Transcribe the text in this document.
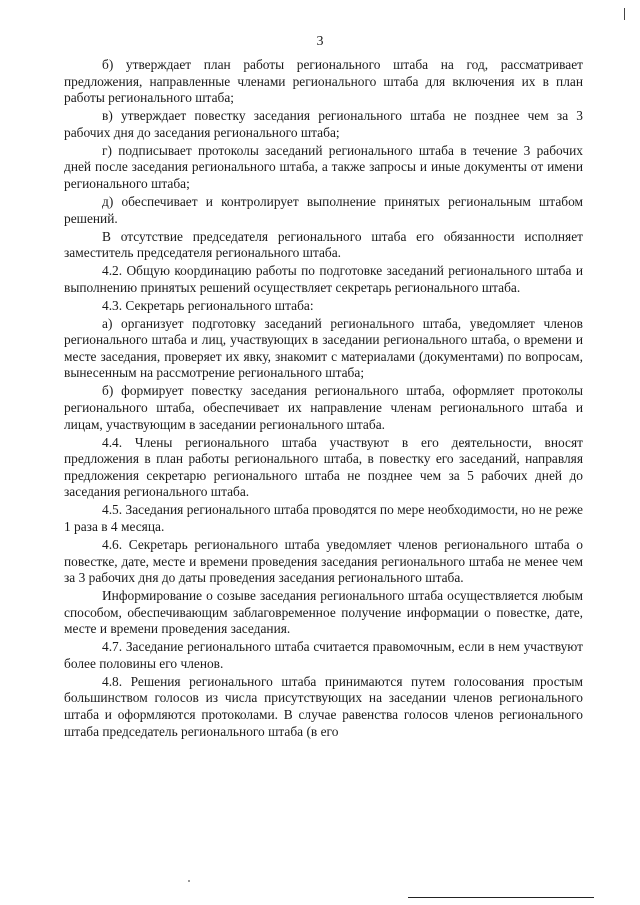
3

б) утверждает план работы регионального штаба на год, рассматривает предложения, направленные членами регионального штаба для включения их в план работы регионального штаба;

в) утверждает повестку заседания регионального штаба не позднее чем за 3 рабочих дня до заседания регионального штаба;

г) подписывает протоколы заседаний регионального штаба в течение 3 рабочих дней после заседания регионального штаба, а также запросы и иные документы от имени регионального штаба;

д) обеспечивает и контролирует выполнение принятых региональным штабом решений.

В отсутствие председателя регионального штаба его обязанности исполняет заместитель председателя регионального штаба.

4.2. Общую координацию работы по подготовке заседаний регионального штаба и выполнению принятых решений осуществляет секретарь регионального штаба.

4.3. Секретарь регионального штаба:

а) организует подготовку заседаний регионального штаба, уведомляет членов регионального штаба и лиц, участвующих в заседании регионального штаба, о времени и месте заседания, проверяет их явку, знакомит с материалами (документами) по вопросам, вынесенным на рассмотрение регионального штаба;

б) формирует повестку заседания регионального штаба, оформляет протоколы регионального штаба, обеспечивает их направление членам регионального штаба и лицам, участвующим в заседании регионального штаба.

4.4. Члены регионального штаба участвуют в его деятельности, вносят предложения в план работы регионального штаба, в повестку его заседаний, направляя предложения секретарю регионального штаба не позднее чем за 5 рабочих дней до заседания регионального штаба.

4.5. Заседания регионального штаба проводятся по мере необходимости, но не реже 1 раза в 4 месяца.

4.6. Секретарь регионального штаба уведомляет членов регионального штаба о повестке, дате, месте и времени проведения заседания регионального штаба не менее чем за 3 рабочих дня до даты проведения заседания регионального штаба.

Информирование о созыве заседания регионального штаба осуществляется любым способом, обеспечивающим заблаговременное получение информации о повестке, дате, месте и времени проведения заседания.

4.7. Заседание регионального штаба считается правомочным, если в нем участвуют более половины его членов.

4.8. Решения регионального штаба принимаются путем голосования простым большинством голосов из числа присутствующих на заседании членов регионального штаба и оформляются протоколами. В случае равенства голосов членов регионального штаба председатель регионального штаба (в его
